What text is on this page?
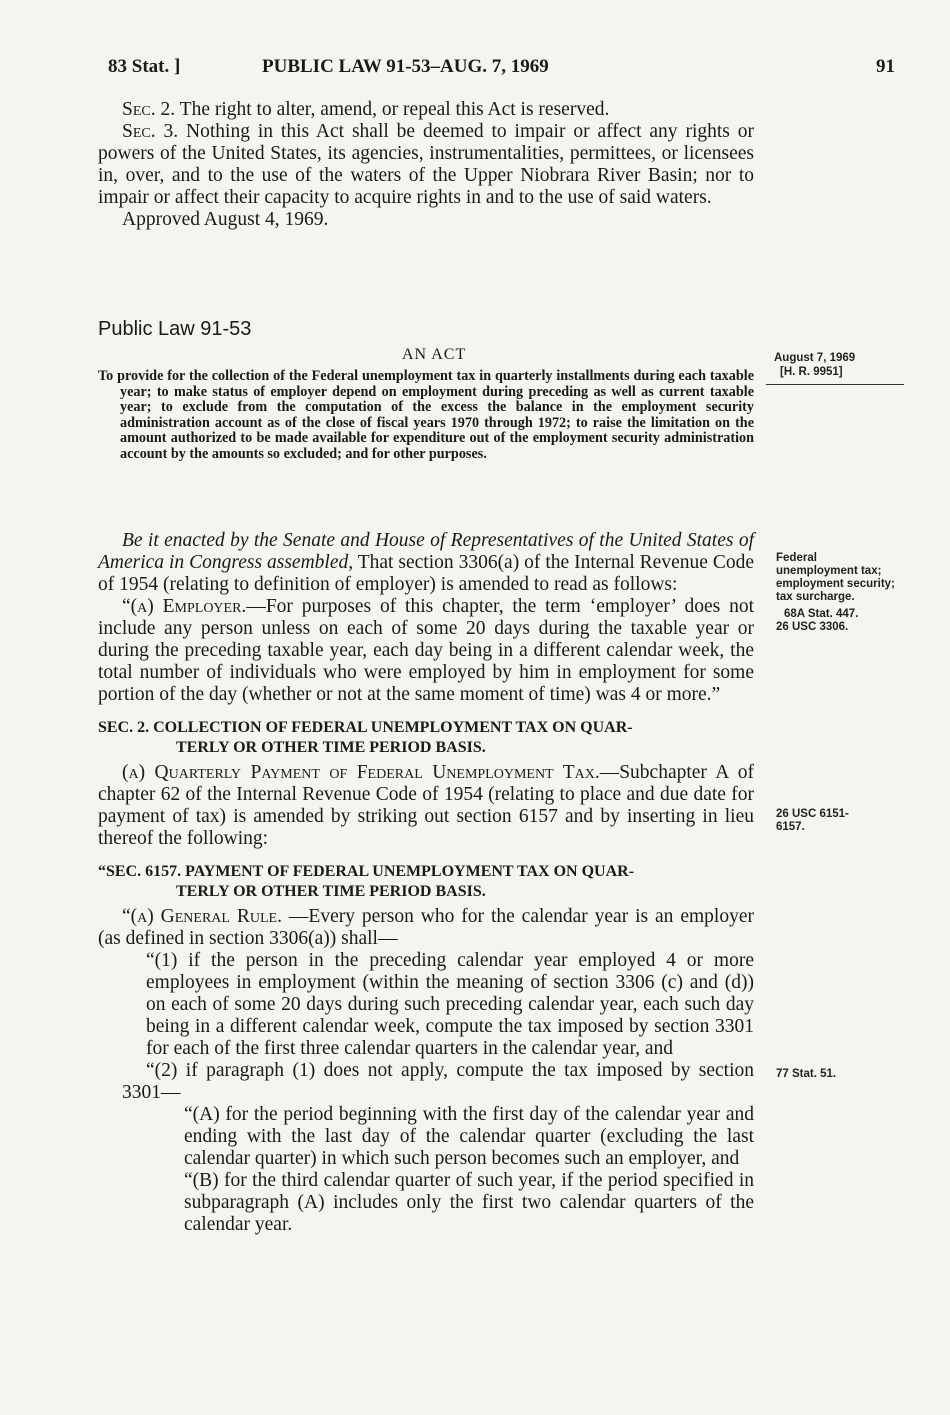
83 Stat. ]	PUBLIC LAW 91-53–AUG. 7, 1969	91

Sec. 2. The right to alter, amend, or repeal this Act is reserved.

Sec. 3. Nothing in this Act shall be deemed to impair or affect any rights or powers of the United States, its agencies, instrumentalities, permittees, or licensees in, over, and to the use of the waters of the Upper Niobrara River Basin; nor to impair or affect their capacity to acquire rights in and to the use of said waters.

Approved August 4, 1969.

Public Law 91-53
AN ACT

To provide for the collection of the Federal unemployment tax in quarterly installments during each taxable year; to make status of employer depend on employment during preceding as well as current taxable year; to exclude from the computation of the excess the balance in the employment security administration account as of the close of fiscal years 1970 through 1972; to raise the limitation on the amount authorized to be made available for expenditure out of the employment security administration account by the amounts so excluded; and for other purposes.

Be it enacted by the Senate and House of Representatives of the United States of America in Congress assembled, That section 3306(a) of the Internal Revenue Code of 1954 (relating to definition of employer) is amended to read as follows:

“(a) Employer.—For purposes of this chapter, the term ‘employer’ does not include any person unless on each of some 20 days during the taxable year or during the preceding taxable year, each day being in a different calendar week, the total number of individuals who were employed by him in employment for some portion of the day (whether or not at the same moment of time) was 4 or more.”

SEC. 2. COLLECTION OF FEDERAL UNEMPLOYMENT TAX ON QUAR-
TERLY OR OTHER TIME PERIOD BASIS.

(a) Quarterly Payment of Federal Unemployment Tax.—Subchapter A of chapter 62 of the Internal Revenue Code of 1954 (relating to place and due date for payment of tax) is amended by striking out section 6157 and by inserting in lieu thereof the following:

“SEC. 6157. PAYMENT OF FEDERAL UNEMPLOYMENT TAX ON QUAR-
TERLY OR OTHER TIME PERIOD BASIS.

“(a) General Rule. —Every person who for the calendar year is an employer (as defined in section 3306(a)) shall—

“(1) if the person in the preceding calendar year employed 4 or more employees in employment (within the meaning of section 3306 (c) and (d)) on each of some 20 days during such preceding calendar year, each such day being in a different calendar week, compute the tax imposed by section 3301 for each of the first three calendar quarters in the calendar year, and

“(2) if paragraph (1) does not apply, compute the tax imposed by section 3301—

“(A) for the period beginning with the first day of the calendar year and ending with the last day of the calendar quarter (excluding the last calendar quarter) in which such person becomes such an employer, and

“(B) for the third calendar quarter of such year, if the period specified in subparagraph (A) includes only the first two calendar quarters of the calendar year.

August 7, 1969
[H. R. 9951]
Federal unemployment tax; employment security; tax surcharge.
68A Stat. 447.
26 USC 3306.
26 USC 6151-6157.
77 Stat. 51.
